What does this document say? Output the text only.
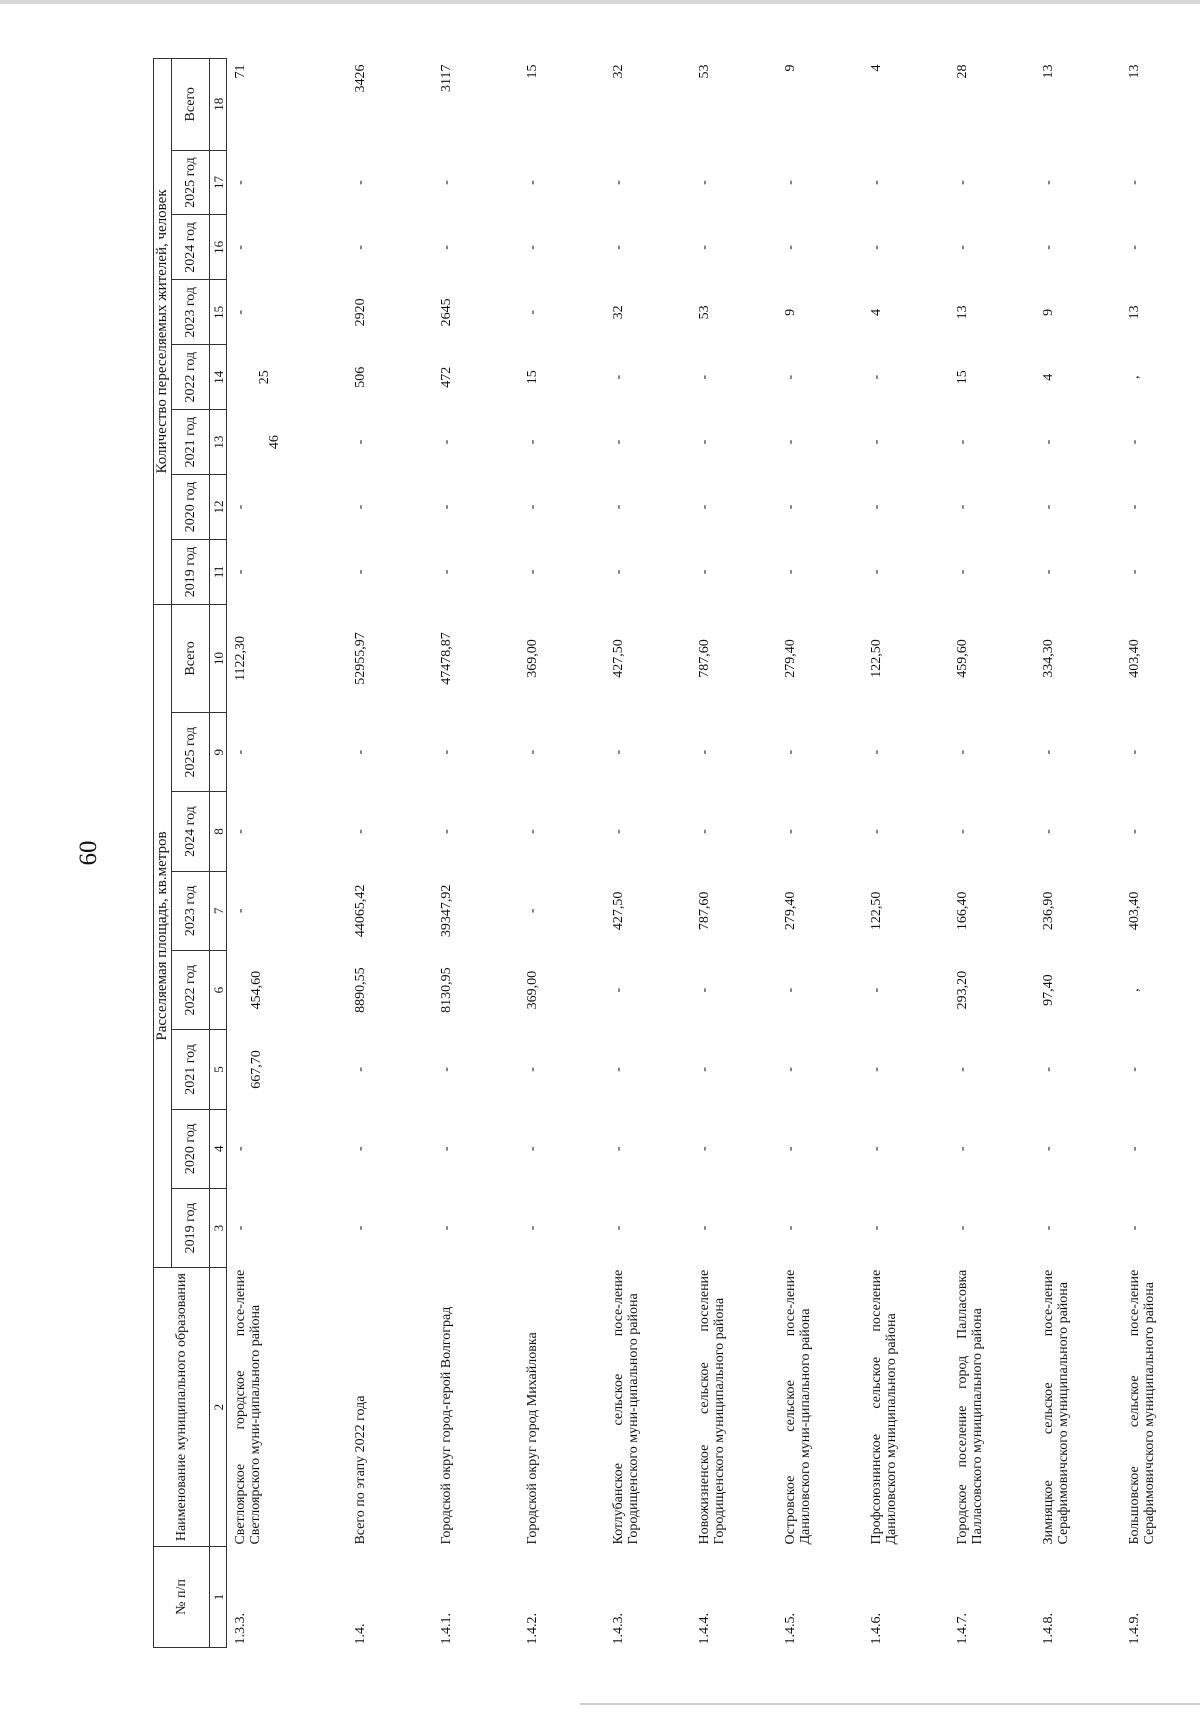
60
№ п/п	Наименование муниципального образования	Расселяемая площадь, кв.метров								Количество переселяемых жителей, человек							
		2019 год	2020 год	2021 год	2022 год	2023 год	2024 год	2025 год	Всего	2019 год	2020 год	2021 год	2022 год	2023 год	2024 год	2025 год	Всего
1	2	3	4	5	6	7	8	9	10	11	12	13	14	15	16	17	18
1.3.3.	Светлоярское городское посе-ление Светлоярского муни-ципального района	-	-	667,70	454,60	-	-	-	1122,30	-	-	46	25	-	-	-	71
1.4.	Всего по этапу 2022 года	-	-	-	8890,55	44065,42	-	-	52955,97	-	-	-	506	2920	-	-	3426
1.4.1.	Городской округ город-герой Волгоград	-	-	-	8130,95	39347,92	-	-	47478,87	-	-	-	472	2645	-	-	3117
1.4.2.	Городской округ город Михайловка	-	-	-	369,00	-	-	-	369,00	-	-	-	15	-	-	-	15
1.4.3.	Котлубанское сельское посе-ление Городищенского муни-ципального района	-	-	-	-	427,50	-	-	427,50	-	-	-	-	32	-	-	32
1.4.4.	Новожизненское сельское поселение Городищенского муниципального района	-	-	-	-	787,60	-	-	787,60	-	-	-	-	53	-	-	53
1.4.5.	Островское сельское посе-ление Даниловского муни-ципального района	-	-	-	-	279,40	-	-	279,40	-	-	-	-	9	-	-	9
1.4.6.	Профсоюзнинское сельское поселение Даниловского муниципального района	-	-	-	-	122,50	-	-	122,50	-	-	-	-	4	-	-	4
1.4.7.	Городское поселение город Палласовка Палласовского муниципального района	-	-	-	293,20	166,40	-	-	459,60	-	-	-	15	13	-	-	28
1.4.8.	Зимняцкое сельское посе-ление Серафимовичского муниципального района	-	-	-	97,40	236,90	-	-	334,30	-	-	-	4	9	-	-	13
1.4.9.	Большовское сельское посе-ление Серафимовичского муниципального района	-	-	-	,	403,40	-	-	403,40	-	-	-	,	13	-	-	13
